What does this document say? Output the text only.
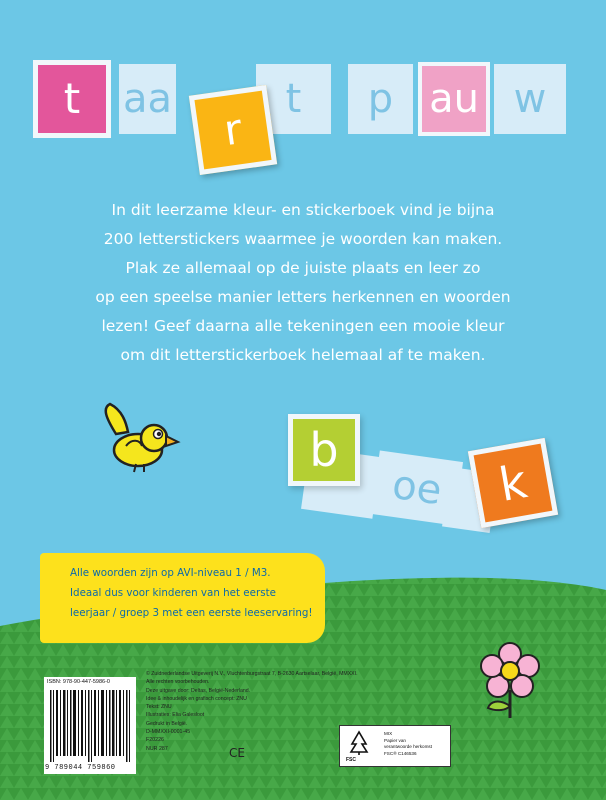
aa	t p	w
t	au
r

In dit leerzame kleur- en stickerboek vind je bijna

200 letterstickers waarmee je woorden kan maken.

Plak ze allemaal op de juiste plaats en leer zo

op een speelse manier letters herkennen en woorden

lezen! Geef daarna alle tekeningen een mooie kleur

om dit letterstickerboek helemaal af te maken.

oe
b
k

Alle woorden zijn op AVI-niveau 1 / M3.

Ideaal dus voor kinderen van het eerste

leerjaar / groep 3 met een eerste leeservaring!

© Zuidnederlandse Uitgeverij N.V., Vluchtenburgstraat 7, B-2630 Aartselaar, België, MMXXI.

Alle rechten voorbehouden.

Deze uitgave door: Deltas, België-Nederland.

Idee & inhoudelijk en grafisch concept: ZNU

Tekst: ZNU

Illustraties: Elia Galesloot

Gedrukt in België.

ISBN: 978-90-447-5986-0
9 789044 759860

D-MMXXI-0001-45

F20226

NUR 287	CE	FSC

MIX

Papier van

verantwoorde herkomst

FSC® C146536
